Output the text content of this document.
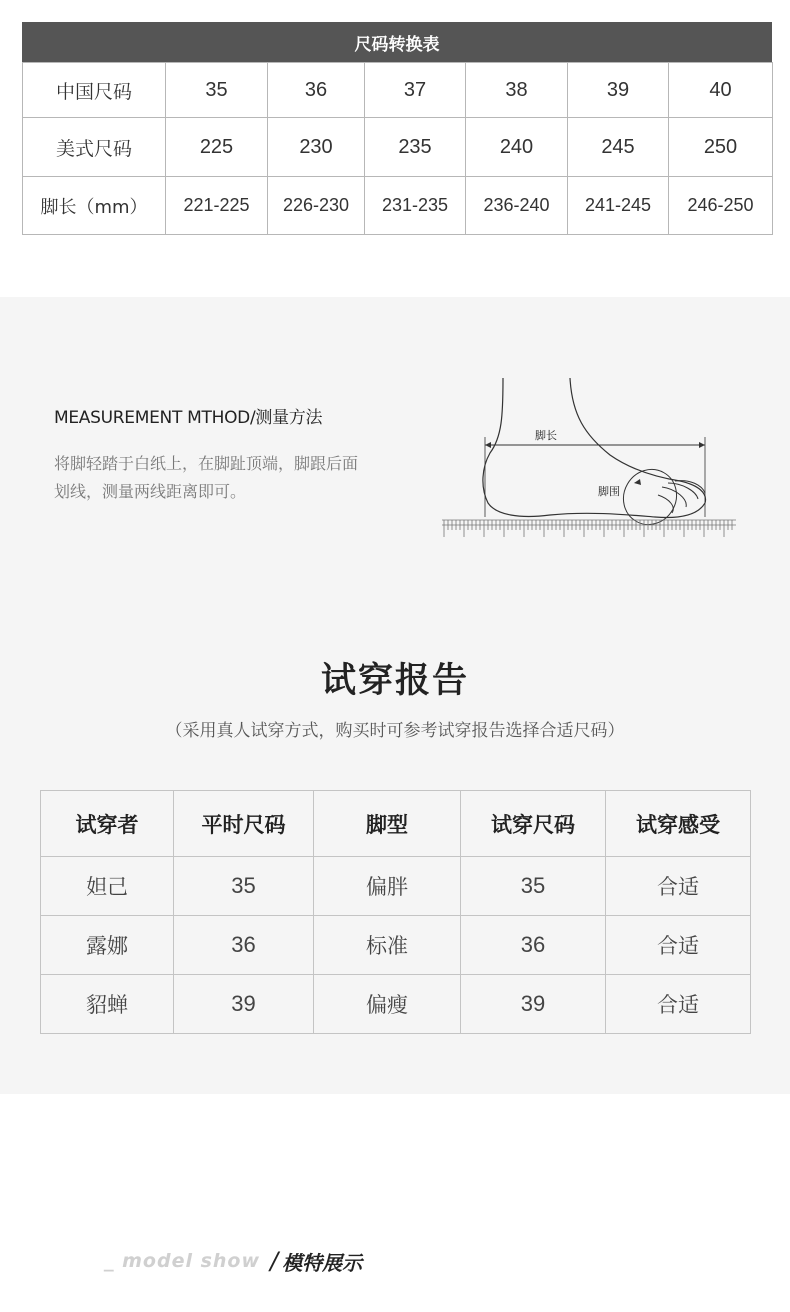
尺码转换表
中国尺码	35	36	37	38	39	40
美式尺码	225	230	235	240	245	250
脚长（mm）	221-225	226-230	231-235	236-240	241-245	246-250
MEASUREMENT MTHOD/测量方法
将脚轻踏于白纸上，在脚趾顶端，脚跟后面
划线，测量两线距离即可。
脚长
脚围
试穿报告
（采用真人试穿方式，购买时可参考试穿报告选择合适尺码）
试穿者	平时尺码	脚型	试穿尺码	试穿感受
妲己	35	偏胖	35	合适
露娜	36	标准	36	合适
貂蝉	39	偏瘦	39	合适
_ model show / 模特展示
